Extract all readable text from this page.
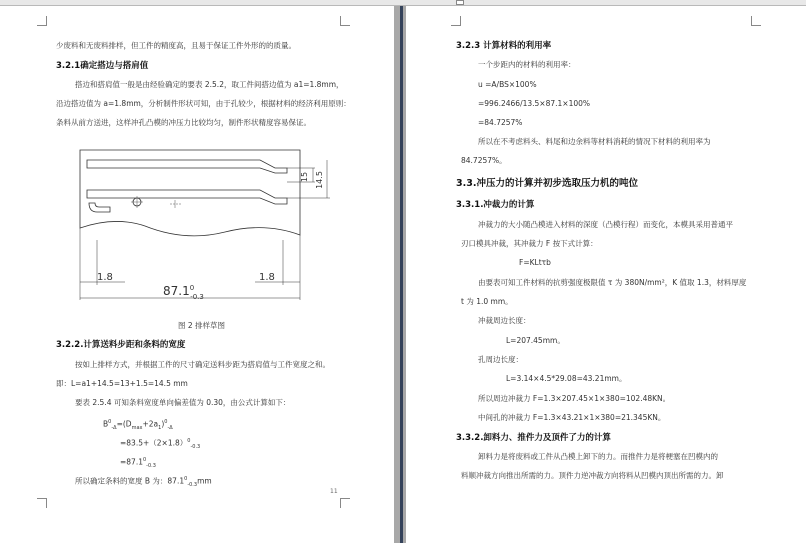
少废料和无废料排样，但工件的精度高，且易于保证工件外形的的质量。
3.2.1确定搭边与搭肩值
搭边和搭肩值一般是由经验确定的要表 2.5.2，取工件间搭边值为 a1=1.8mm，
沿边搭边值为 a=1.8mm，分析制件形状可知，由于孔较少，根据材料的经济利用原则：
条料从前方送进，这样冲孔凸模的冲压力比较均匀，制件形状精度容易保证。
15 14.5
1.8	1.8
87.1$^0$ -0.3
图 2 排样草图
3.2.2.计算送料步距和条料的宽度
按如上排样方式，并根据工件的尺寸确定送料步距为搭肩值与工件宽度之和。
即：L=a1+14.5=13+1.5=14.5 mm
要表 2.5.4 可知条料宽度单向偏差值为 0.30，由公式计算如下：
$B^0_{-\Delta}=(D_{max}+2a_1)^0_{-\Delta}$
$=83.5+(2\times 1.8)^0_{-0.3}$
$=87.1^0_{-0.3}$
所以确定条料的宽度 B 为：$87.1^0_{-0.3}mm$
11
3.2.3 计算材料的利用率
一个步距内的材料的利用率：
u =A/BS×100%
=996.2466/13.5×87.1×100%
=84.7257%
所以在不考虑料头、料尾和边余料等材料消耗的情况下材料的利用率为
84.7257%。
3.3.冲压力的计算并初步选取压力机的吨位
3.3.1.冲裁力的计算
冲裁力的大小随凸模进入材料的深度（凸模行程）而变化，本模具采用普通平
刃口模具冲裁，其冲裁力 F 按下式计算：
F=KLtτb
由要表可知工件材料的抗剪强度极限值 τ 为 380N/mm²，K 值取 1.3，材料厚度
t 为 1.0 mm。
冲裁周边长度：
L=207.45mm。
孔周边长度：
L=3.14×4.5*29.08=43.21mm。
所以周边冲裁力 F=1.3×207.45×1×380=102.48KN。
中间孔的冲裁力 F=1.3×43.21×1×380=21.345KN。
3.3.2.卸料力、推件力及顶件了力的计算
卸料力是将废料或工件从凸模上卸下的力。而推件力是将梗塞在凹模内的
料顺冲裁方向推出所需的力。顶件力逆冲裁方向将料从凹模内顶出所需的力。卸
